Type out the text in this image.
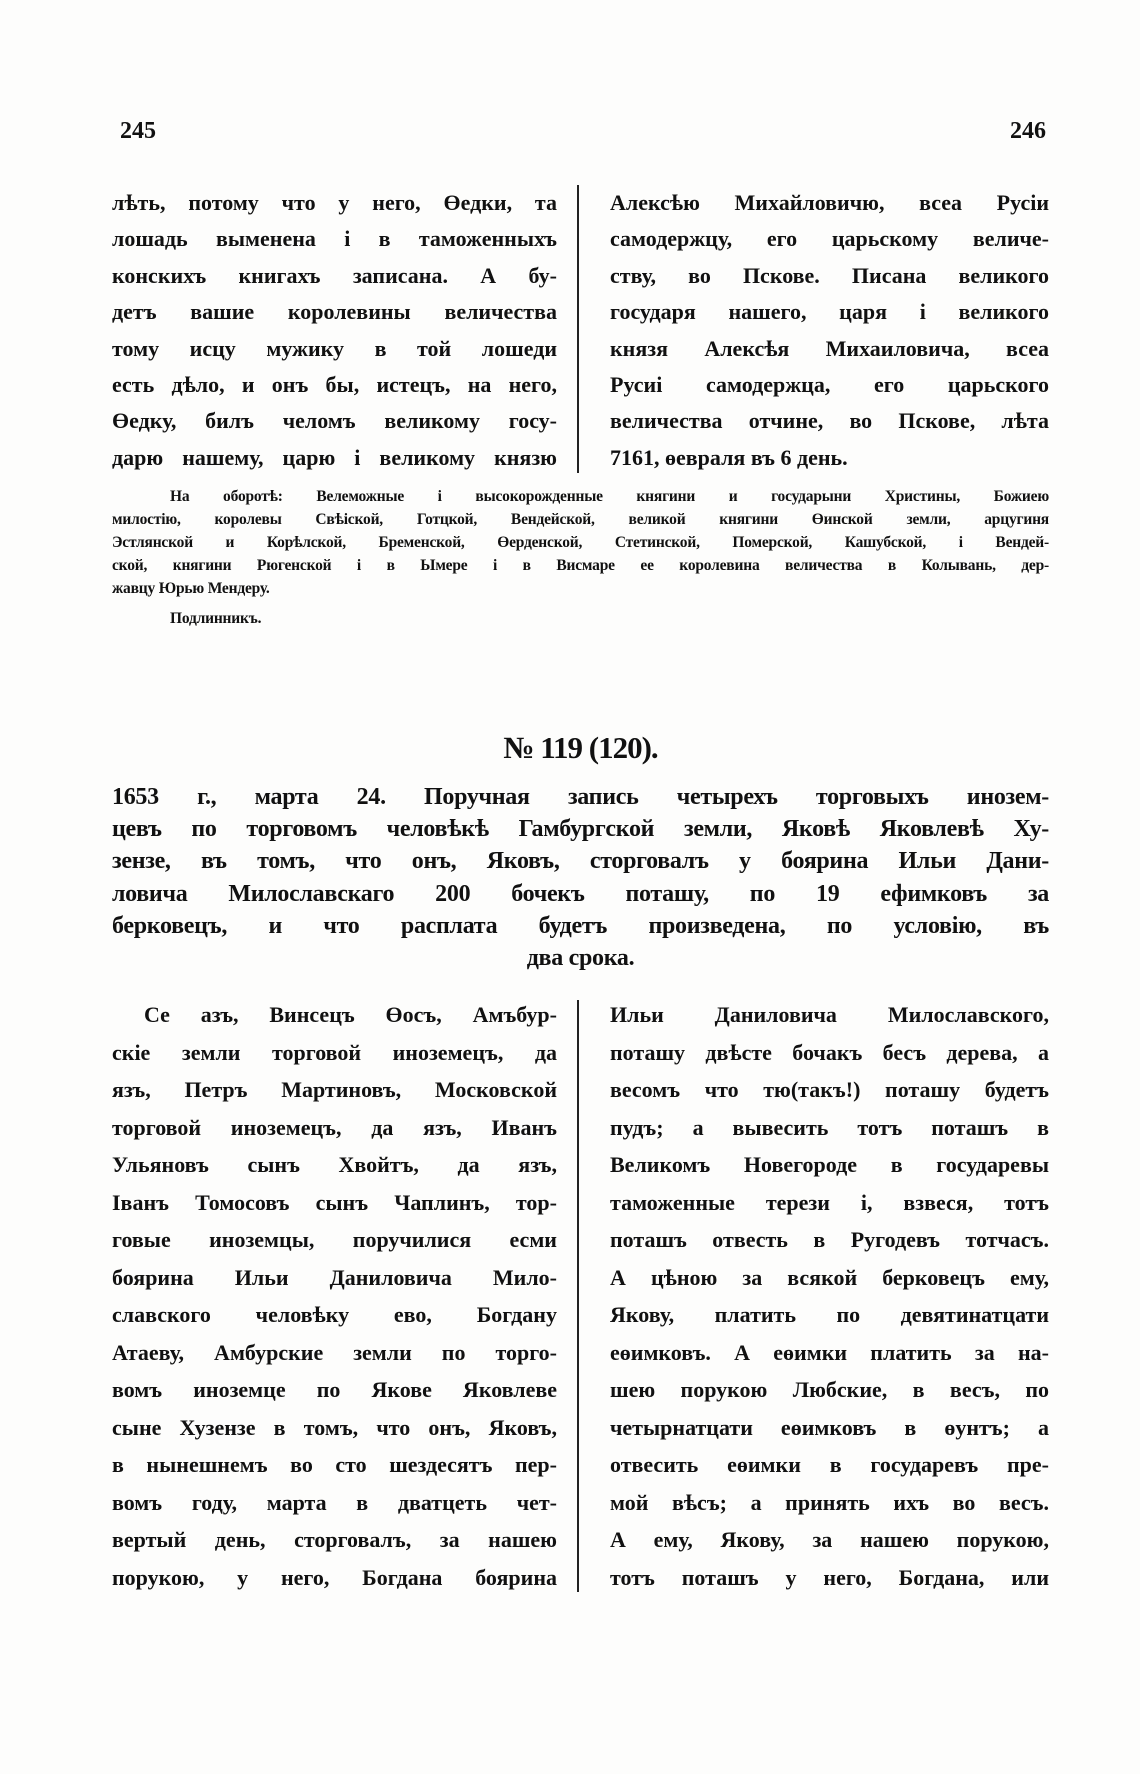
245	246
№ 119 (120).
лѣть, потому что у него, Өедки, та
лошадь выменена і в таможенныхъ
конскихъ книгахъ записана. А бу-
детъ вашие королевины величества
тому исцу мужику в той лошеди
есть дѣло, и онъ бы, истецъ, на него,
Өедку, билъ челомъ великому госу-
дарю нашему, царю і великому князю
Алексѣю Михайловичю, всеа Русіи
самодержцу, его царьскому величе-
ству, во Пскове. Писана великого
государя нашего, царя і великого
князя Алексѣя Михаиловича, всеа
Русиі самодержца, его царьского
величества отчине, во Пскове, лѣта
7161, өевраля въ 6 день.
На оборотѣ: Велеможные і высокорожденные княгини и государыни Христины, Божиею
милостію, королевы Свѣіской, Готцкой, Вендейской, великой княгини Өинской земли, арцугиня
Эстлянской и Корѣлской, Бременской, Өерденской, Стетинской, Померской, Кашубской, і Вендей-
ской, княгини Рюгенской і в Ымере і в Висмаре ее королевина величества в Колывань, дер-
жавцу Юрью Мендеру.
Подлинникъ.
1653 г., марта 24. Поручная запись четырехъ торговыхъ инозем-
цевъ по торговомъ человѣкѣ Гамбургской земли, Яковѣ Яковлевѣ Ху-
зензе, въ томъ, что онъ, Яковъ, сторговалъ у боярина Ильи Дани-
ловича Милославскаго 200 бочекъ поташу, по 19 ефимковъ за
берковецъ, и что расплата будетъ произведена, по условію, въ
два срока.
Се азъ, Винсецъ Өосъ, Амъбур-
скіе земли торговой иноземецъ, да
язъ, Петръ Мартиновъ, Московской
торговой иноземецъ, да язъ, Иванъ
Ульяновъ сынъ Хвойтъ, да язъ,
Іванъ Томосовъ сынъ Чаплинъ, тор-
говые иноземцы, поручилися есми
боярина Ильи Даниловича Мило-
славского человѣку ево, Богдану
Атаеву, Амбурские земли по торго-
вомъ иноземце по Якове Яковлеве
сыне Хузензе в томъ, что онъ, Яковъ,
в нынешнемъ во сто шездесятъ пер-
вомъ году, марта в дватцеть чет-
вертый день, сторговалъ, за нашею
порукою, у него, Богдана боярина
Ильи Даниловича Милославского,
поташу двѣсте бочакъ бесъ дерева, а
весомъ что тю(такъ!) поташу будетъ
пудъ; а вывесить тотъ поташъ в
Великомъ Новегороде в государевы
таможенные терези і, взвеся, тотъ
поташъ отвесть в Ругодевъ тотчасъ.
А цѣною за всякой берковецъ ему,
Якову, платить по девятинатцати
еөимковъ. А еөимки платить за на-
шею порукою Любские, в весъ, по
четырнатцати еөимковъ в өунтъ; а
отвесить еөимки в государевъ пре-
мой вѣсъ; а принять ихъ во весъ.
А ему, Якову, за нашею порукою,
тотъ поташъ у него, Богдана, или
